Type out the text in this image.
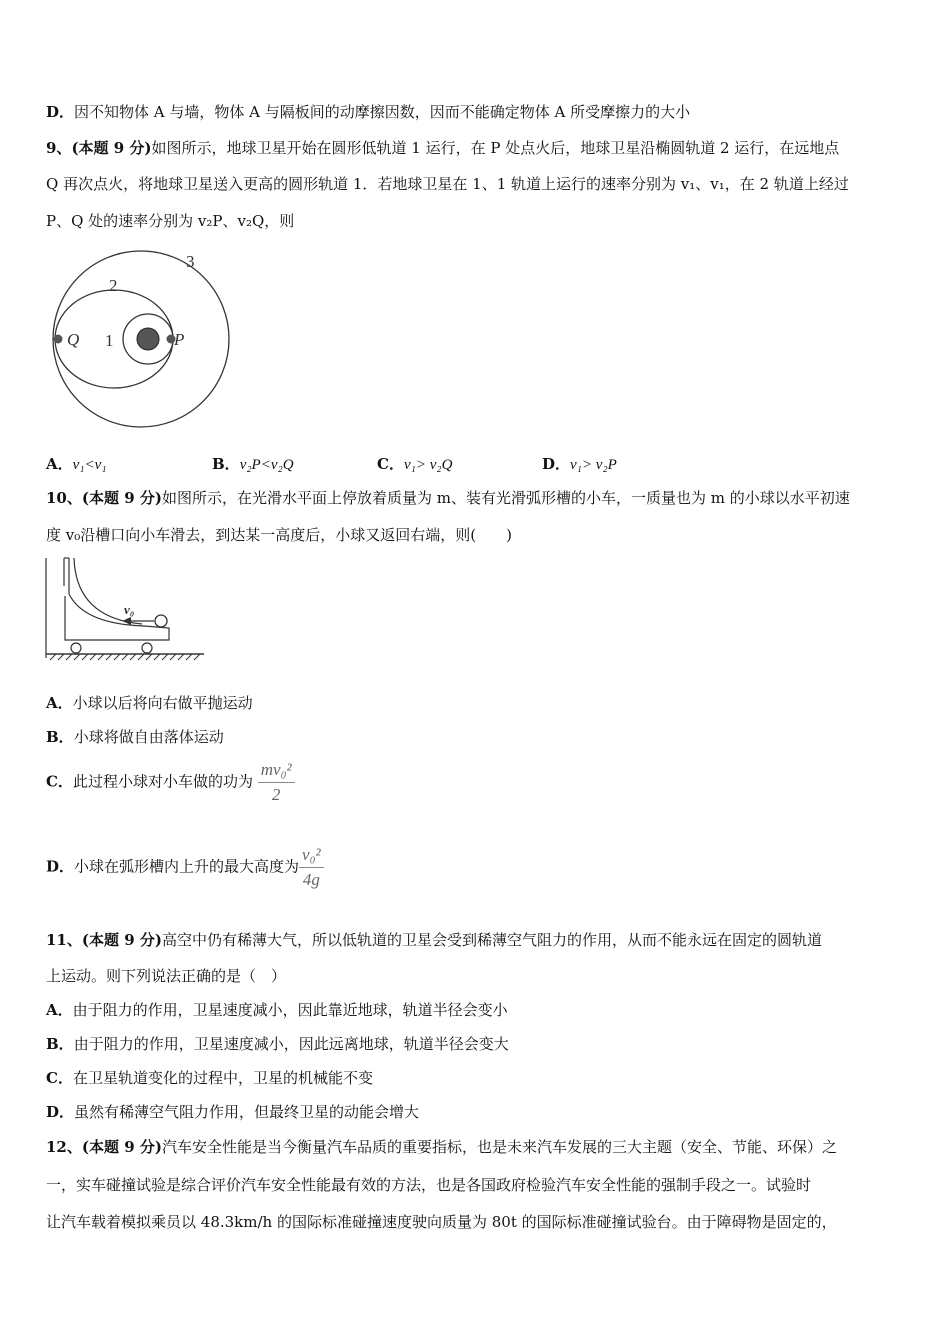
D．因不知物体 A 与墙，物体 A 与隔板间的动摩擦因数，因而不能确定物体 A 所受摩擦力的大小
9、(本题 9 分)如图所示，地球卫星开始在圆形低轨道 1 运行，在 P 处点火后，地球卫星沿椭圆轨道 2 运行，在远地点
Q 再次点火，将地球卫星送入更高的圆形轨道 1．若地球卫星在 1、1 轨道上运行的速率分别为 v₁、v₁，在 2 轨道上经过
P、Q 处的速率分别为 v₂P、v₂Q，则
Q	P
1
2
3
A．v₁<v₁	B．v₂P<v₂Q	C．v₁> v₂Q	D．v₁> v₂P
10、(本题 9 分)如图所示，在光滑水平面上停放着质量为 m、装有光滑弧形槽的小车，一质量也为 m 的小球以水平初速
度 v₀沿槽口向小车滑去，到达某一高度后，小球又返回右端，则(　　)
v₀
A．小球以后将向右做平抛运动
B．小球将做自由落体运动
C．此过程小球对小车做的功为 $\frac{\text{mv₀²}}{2}$
D．小球在弧形槽内上升的最大高度为 $\frac{\text{v₀²}}{4g}$
11、(本题 9 分)高空中仍有稀薄大气，所以低轨道的卫星会受到稀薄空气阻力的作用，从而不能永远在固定的圆轨道
上运动。则下列说法正确的是（　）
A．由于阻力的作用，卫星速度减小，因此靠近地球，轨道半径会变小
B．由于阻力的作用，卫星速度减小，因此远离地球，轨道半径会变大
C．在卫星轨道变化的过程中，卫星的机械能不变
D．虽然有稀薄空气阻力作用，但最终卫星的动能会增大
12、(本题 9 分)汽车安全性能是当今衡量汽车品质的重要指标，也是未来汽车发展的三大主题（安全、节能、环保）之
一，实车碰撞试验是综合评价汽车安全性能最有效的方法，也是各国政府检验汽车安全性能的强制手段之一。试验时
让汽车载着模拟乘员以 48.3km/h 的国际标准碰撞速度驶向质量为 80t 的国际标准碰撞试验台。由于障碍物是固定的，
